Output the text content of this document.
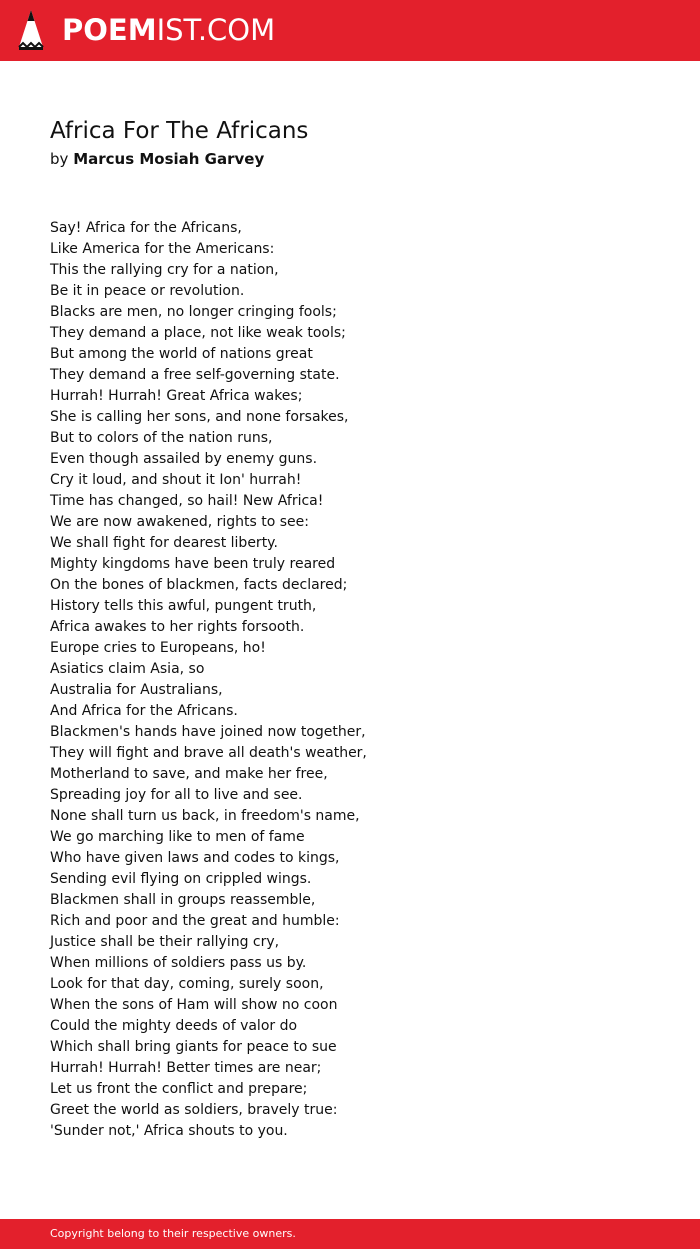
POEMIST.COM
Africa For The Africans
by Marcus Mosiah Garvey
Say! Africa for the Africans,
Like America for the Americans:
This the rallying cry for a nation,
Be it in peace or revolution.
Blacks are men, no longer cringing fools;
They demand a place, not like weak tools;
But among the world of nations great
They demand a free self-governing state.
Hurrah! Hurrah! Great Africa wakes;
She is calling her sons, and none forsakes,
But to colors of the nation runs,
Even though assailed by enemy guns.
Cry it loud, and shout it Ion' hurrah!
Time has changed, so hail! New Africa!
We are now awakened, rights to see:
We shall fight for dearest liberty.
Mighty kingdoms have been truly reared
On the bones of blackmen, facts declared;
History tells this awful, pungent truth,
Africa awakes to her rights forsooth.
Europe cries to Europeans, ho!
Asiatics claim Asia, so
Australia for Australians,
And Africa for the Africans.
Blackmen's hands have joined now together,
They will fight and brave all death's weather,
Motherland to save, and make her free,
Spreading joy for all to live and see.
None shall turn us back, in freedom's name,
We go marching like to men of fame
Who have given laws and codes to kings,
Sending evil flying on crippled wings.
Blackmen shall in groups reassemble,
Rich and poor and the great and humble:
Justice shall be their rallying cry,
When millions of soldiers pass us by.
Look for that day, coming, surely soon,
When the sons of Ham will show no coon
Could the mighty deeds of valor do
Which shall bring giants for peace to sue
Hurrah! Hurrah! Better times are near;
Let us front the conflict and prepare;
Greet the world as soldiers, bravely true:
'Sunder not,' Africa shouts to you.
Copyright belong to their respective owners.
